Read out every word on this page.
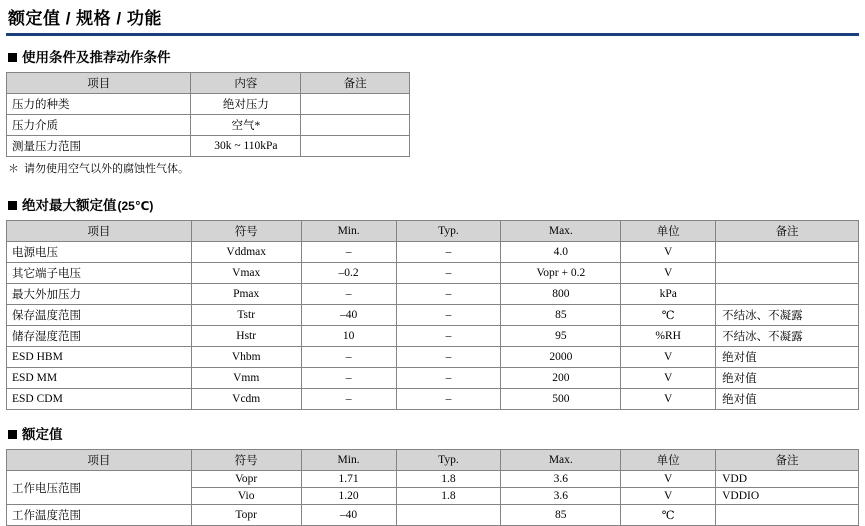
额定值 / 规格 / 功能
使用条件及推荐动作条件
项目	内容	备注
压力的种类	绝对压力	
压力介质	空气*	
测量压力范围	30k ~ 110kPa	
＊ 请勿使用空气以外的腐蚀性气体。
绝对最大额定值 (25℃)
项目	符号	Min.	Typ.	Max.	单位	备注
电源电压	Vddmax	–	–	4.0	V	
其它端子电压	Vmax	–0.2	–	Vopr + 0.2	V	
最大外加压力	Pmax	–	–	800	kPa	
保存温度范围	Tstr	–40	–	85	℃	不结冰、不凝露
储存湿度范围	Hstr	10	–	95	%RH	不结冰、不凝露
ESD HBM	Vhbm	–	–	2000	V	绝对值
ESD MM	Vmm	–	–	200	V	绝对值
ESD CDM	Vcdm	–	–	500	V	绝对值
额定值
项目	符号	Min.	Typ.	Max.	单位	备注
工作电压范围	Vopr	1.71	1.8	3.6	V	VDD
	Vio	1.20	1.8	3.6	V	VDDIO
工作温度范围	Topr	–40		85	℃	
